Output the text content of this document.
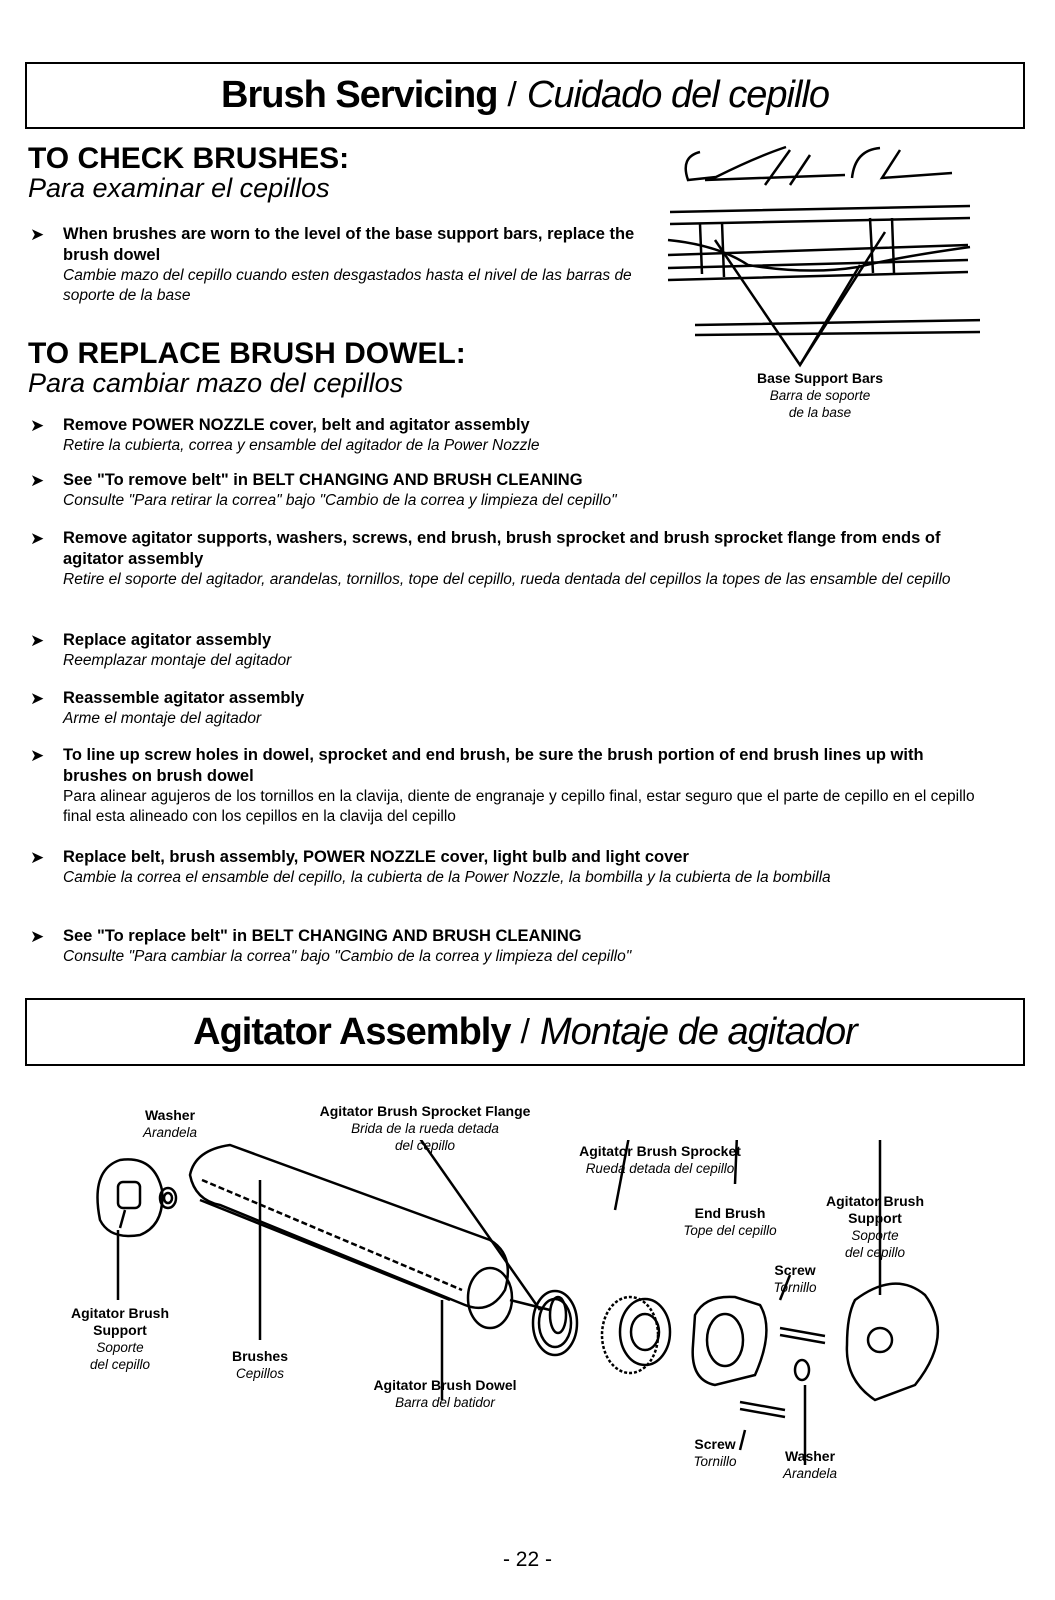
Brush Servicing / Cuidado del cepillo
TO CHECK BRUSHES:
Para examinar el cepillos
➤ When brushes are worn to the level of the base support bars, replace the brush dowel
Cambie mazo del cepillo cuando esten desgastados hasta el nivel de las barras de soporte de la base
Base Support Bars
Barra de soporte
de la base
TO REPLACE BRUSH DOWEL:
Para cambiar mazo del cepillos
➤ Remove POWER NOZZLE cover, belt and agitator assembly
Retire la cubierta, correa y ensamble del agitador de la Power Nozzle
➤ See "To remove belt" in BELT CHANGING AND BRUSH CLEANING
Consulte "Para retirar la correa" bajo "Cambio de la correa y limpieza del cepillo"
➤ Remove agitator supports, washers, screws, end brush, brush sprocket and brush sprocket flange from ends of agitator assembly
Retire el soporte del agitador, arandelas, tornillos, tope del cepillo, rueda dentada del cepillos la topes de las ensamble del cepillo
➤ Replace agitator assembly
Reemplazar montaje del agitador
➤ Reassemble agitator assembly
Arme el montaje del agitador
➤ To line up screw holes in dowel, sprocket and end brush, be sure the brush portion of end brush lines up with brushes on brush dowel
Para alinear agujeros de los tornillos en la clavija, diente de engranaje y cepillo final, estar seguro que el parte de cepillo en el cepillo final esta alineado con los cepillos en la clavija del cepillo
➤ Replace belt, brush assembly, POWER NOZZLE cover, light bulb and light cover
Cambie la correa el ensamble del cepillo, la cubierta de la Power Nozzle, la bombilla y la cubierta de la bombilla
➤ See "To replace belt" in BELT CHANGING AND BRUSH CLEANING
Consulte "Para cambiar la correa" bajo "Cambio de la correa y limpieza del cepillo"
Agitator Assembly / Montaje de agitador
Washer
Arandela
Agitator Brush Sprocket Flange
Brida de la rueda detada
del cepillo	Agitator Brush Sprocket
Rueda detada del cepillo
End Brush
Tope del cepillo
Agitator Brush
Support
Soporte
del cepillo
Screw
Tornillo
Agitator Brush
Support
Soporte
del cepillo
Brushes
Cepillos
Agitator Brush Dowel
Barra del batidor
Screw
Tornillo	Washer
Arandela
- 22 -
